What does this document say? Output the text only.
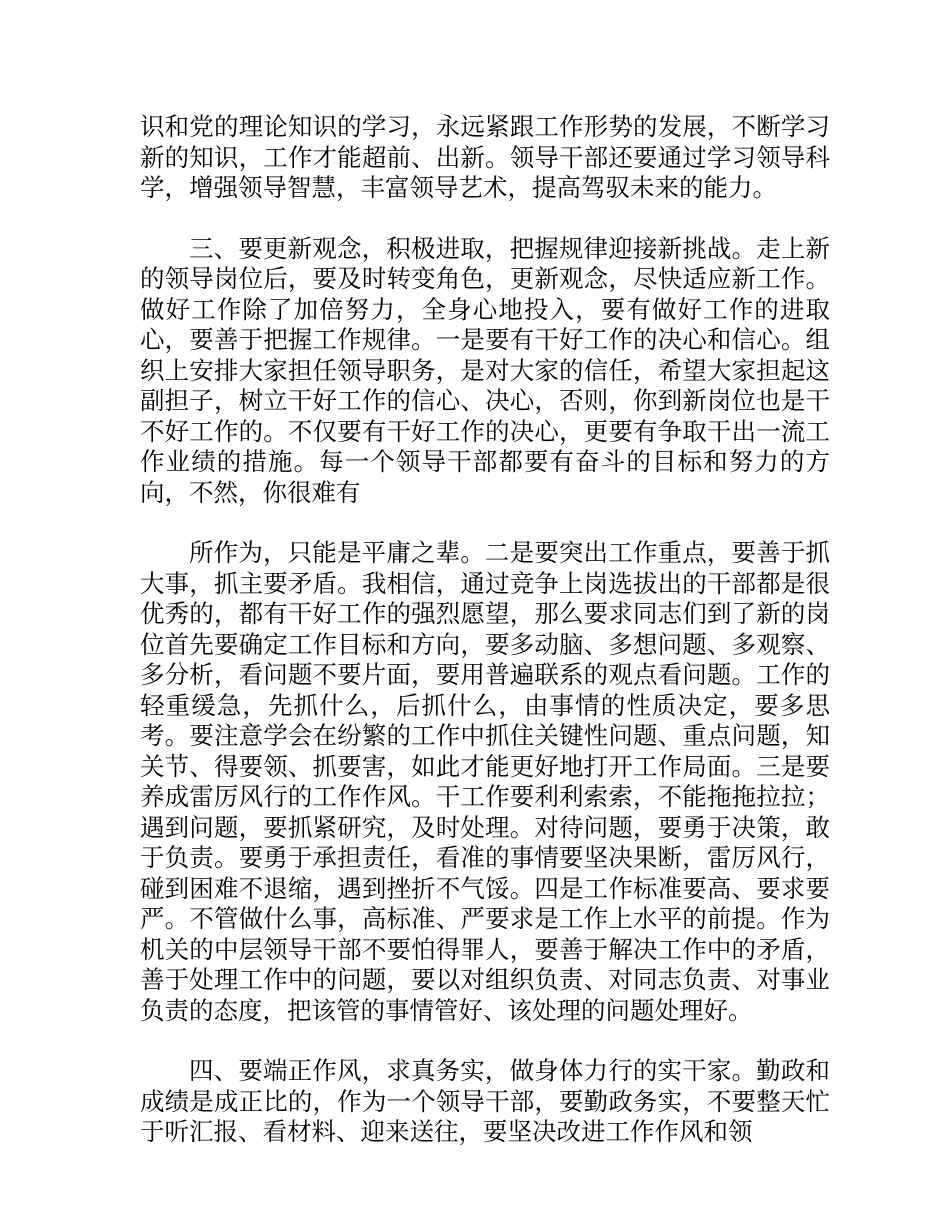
识和党的理论知识的学习，永远紧跟工作形势的发展，不断学习新的知识，工作才能超前、出新。领导干部还要通过学习领导科学，增强领导智慧，丰富领导艺术，提高驾驭未来的能力。

三、要更新观念，积极进取，把握规律迎接新挑战。走上新的领导岗位后，要及时转变角色，更新观念，尽快适应新工作。做好工作除了加倍努力，全身心地投入，要有做好工作的进取心，要善于把握工作规律。一是要有干好工作的决心和信心。组织上安排大家担任领导职务，是对大家的信任，希望大家担起这副担子，树立干好工作的信心、决心，否则，你到新岗位也是干不好工作的。不仅要有干好工作的决心，更要有争取干出一流工作业绩的措施。每一个领导干部都要有奋斗的目标和努力的方向，不然，你很难有

所作为，只能是平庸之辈。二是要突出工作重点，要善于抓大事，抓主要矛盾。我相信，通过竞争上岗选拔出的干部都是很优秀的，都有干好工作的强烈愿望，那么要求同志们到了新的岗位首先要确定工作目标和方向，要多动脑、多想问题、多观察、多分析，看问题不要片面，要用普遍联系的观点看问题。工作的轻重缓急，先抓什么，后抓什么，由事情的性质决定，要多思考。要注意学会在纷繁的工作中抓住关键性问题、重点问题，知关节、得要领、抓要害，如此才能更好地打开工作局面。三是要养成雷厉风行的工作作风。干工作要利利索索，不能拖拖拉拉；遇到问题，要抓紧研究，及时处理。对待问题，要勇于决策，敢于负责。要勇于承担责任，看准的事情要坚决果断，雷厉风行，碰到困难不退缩，遇到挫折不气馁。四是工作标准要高、要求要严。不管做什么事，高标准、严要求是工作上水平的前提。作为机关的中层领导干部不要怕得罪人，要善于解决工作中的矛盾，善于处理工作中的问题，要以对组织负责、对同志负责、对事业负责的态度，把该管的事情管好、该处理的问题处理好。

四、要端正作风，求真务实，做身体力行的实干家。勤政和成绩是成正比的，作为一个领导干部，要勤政务实，不要整天忙于听汇报、看材料、迎来送往，要坚决改进工作作风和领
